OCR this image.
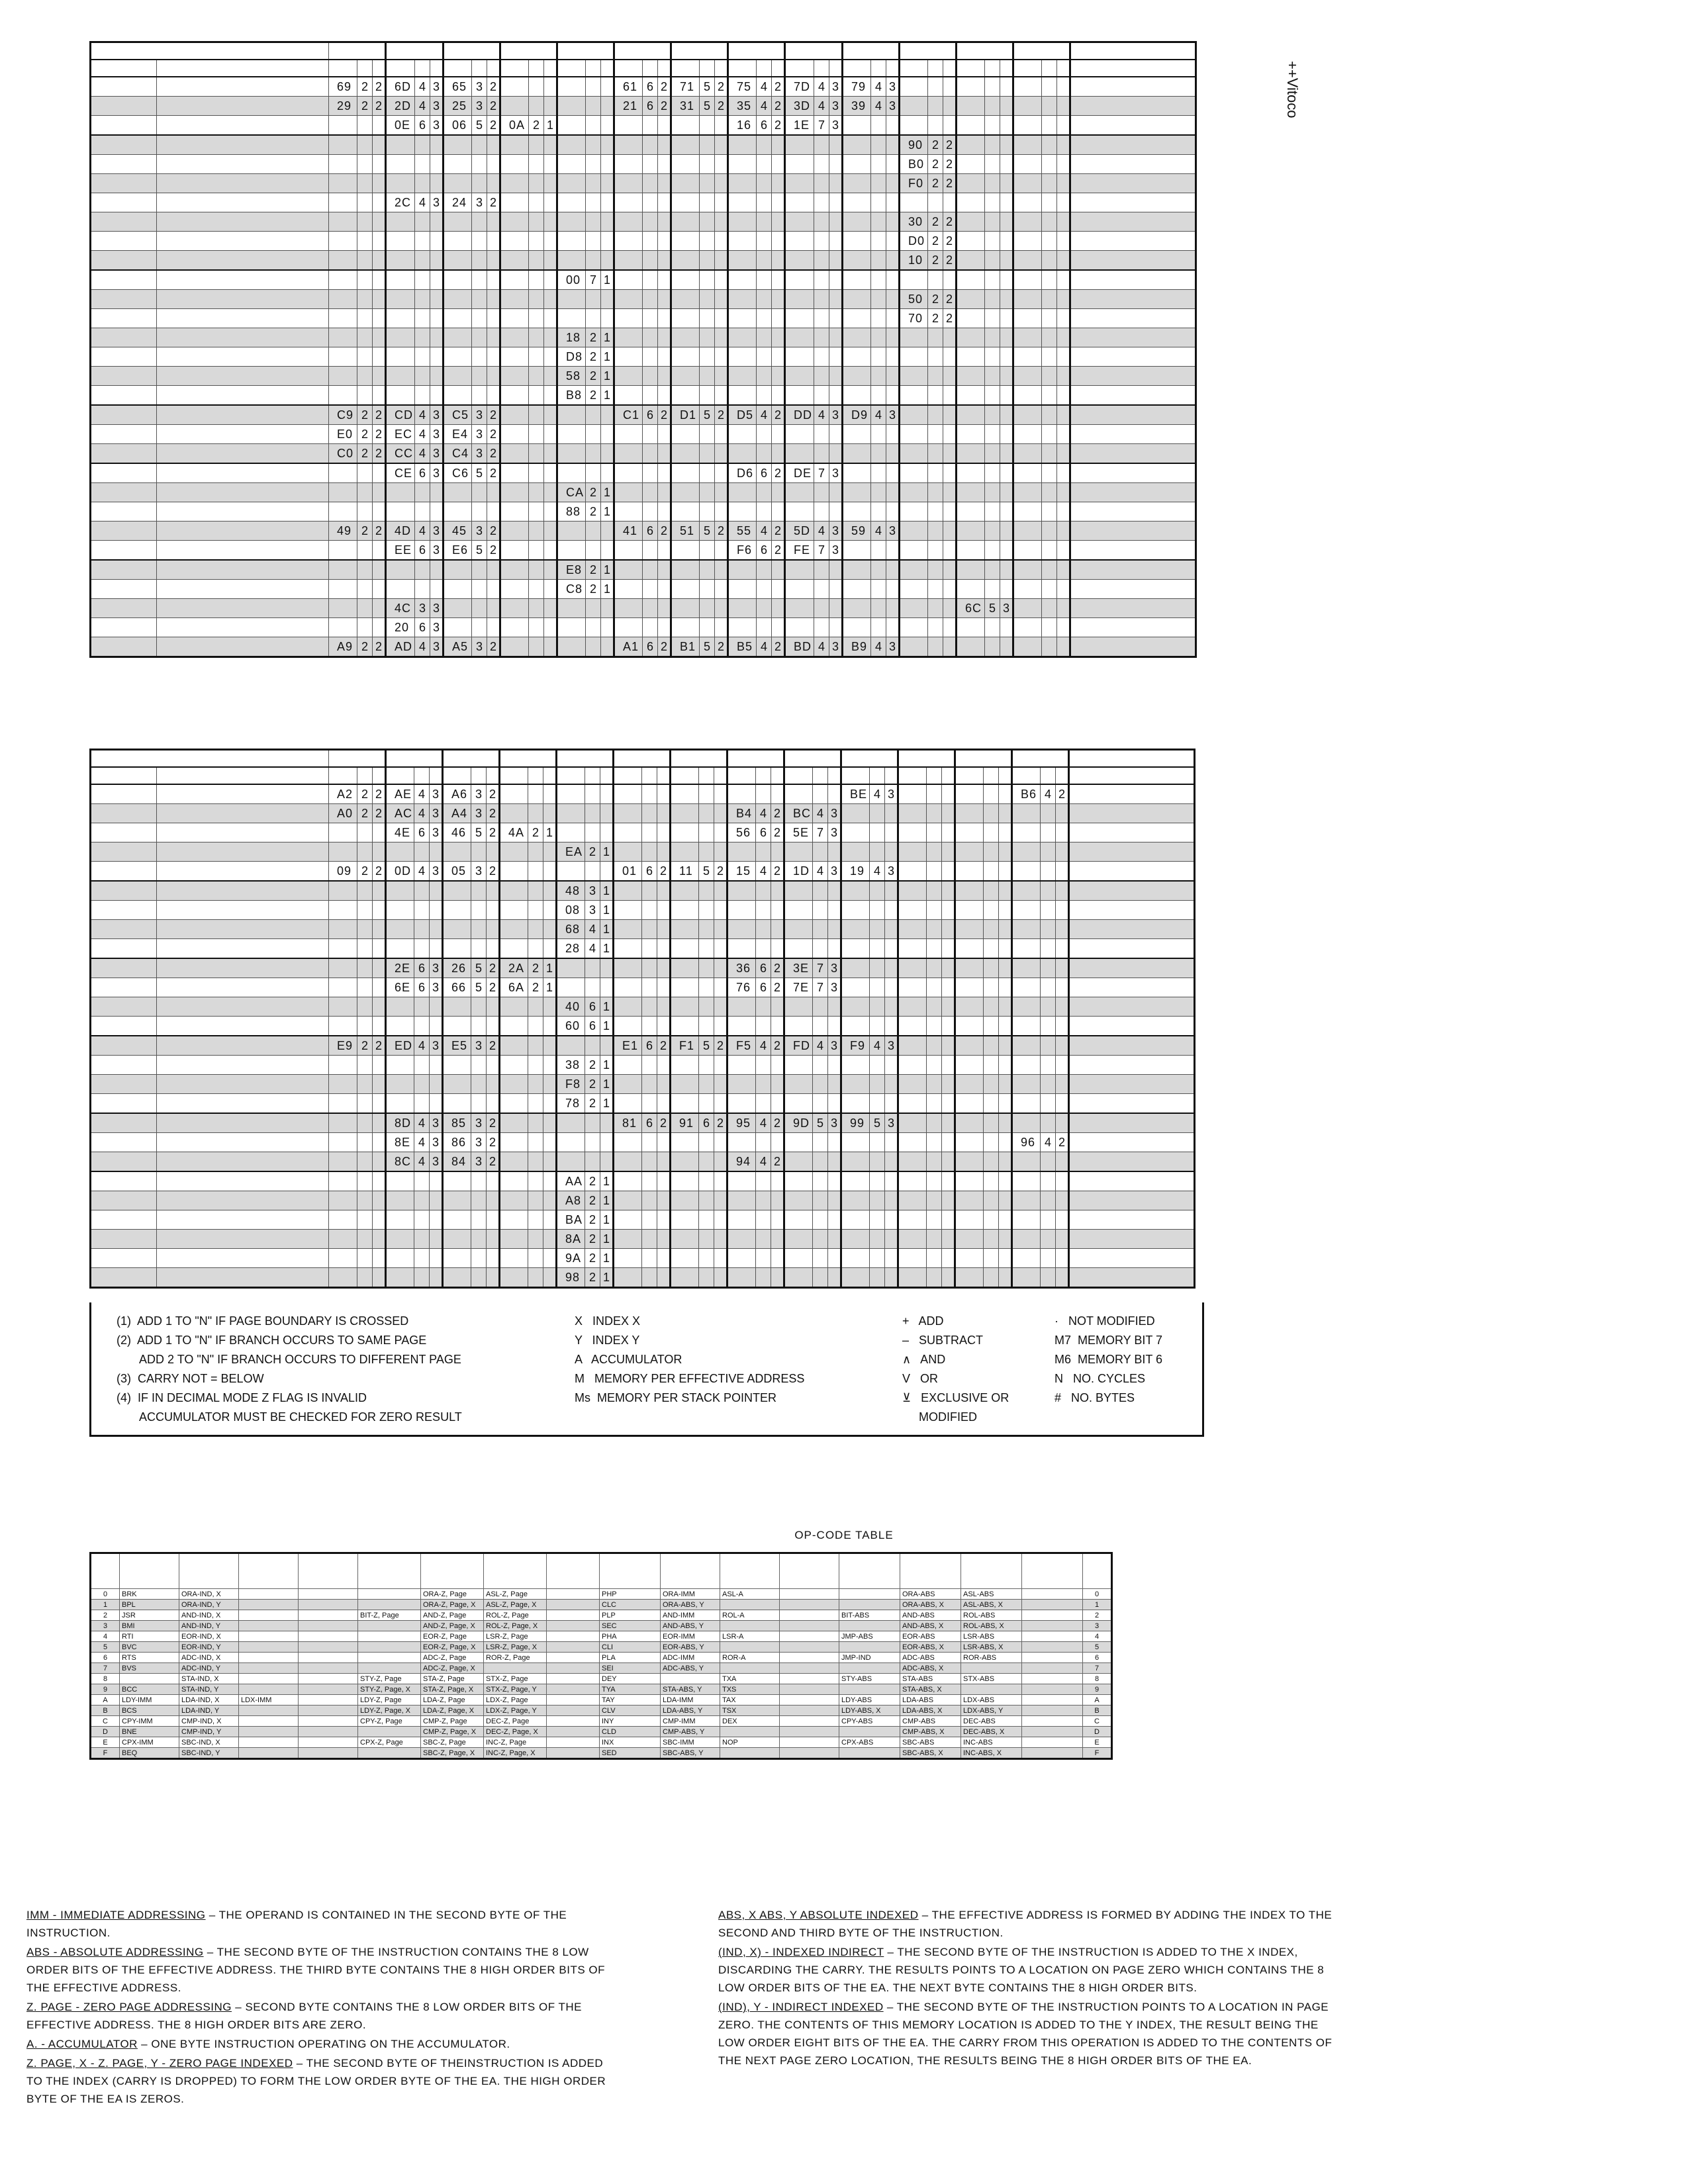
++Vitoco

	69	2	2	6D	4	3	65	3	2							61	6	2	71	5	2	75	4	2	7D	4	3	79	4	3										

	29	2	2	2D	4	3	25	3	2							21	6	2	31	5	2	35	4	2	3D	4	3	39	4	3										

				0E	6	3	06	5	2	0A	2	1										16	6	2	1E	7	3													

																															90	2	2							

																															B0	2	2							

																															F0	2	2							

				2C	4	3	24	3	2																															

																															30	2	2							

																															D0	2	2							

																															10	2	2							

													00	7	1																									

																															50	2	2							

																															70	2	2							

													18	2	1																									

													D8	2	1																									

													58	2	1																									

													B8	2	1																									

	C9	2	2	CD	4	3	C5	3	2							C1	6	2	D1	5	2	D5	4	2	DD	4	3	D9	4	3										

	E0	2	2	EC	4	3	E4	3	2																															

	C0	2	2	CC	4	3	C4	3	2																															

				CE	6	3	C6	5	2													D6	6	2	DE	7	3													

													CA	2	1																									

													88	2	1																									

	49	2	2	4D	4	3	45	3	2							41	6	2	51	5	2	55	4	2	5D	4	3	59	4	3										

				EE	6	3	E6	5	2													F6	6	2	FE	7	3													

													E8	2	1																									

													C8	2	1																									

				4C	3	3																												6C	5	3				

				20	6	3																																		

	A9	2	2	AD	4	3	A5	3	2							A1	6	2	B1	5	2	B5	4	2	BD	4	3	B9	4	3										

	A2	2	2	AE	4	3	A6	3	2																			BE	4	3							B6	4	2	

	A0	2	2	AC	4	3	A4	3	2													B4	4	2	BC	4	3													

				4E	6	3	46	5	2	4A	2	1										56	6	2	5E	7	3													

													EA	2	1																									

	09	2	2	0D	4	3	05	3	2							01	6	2	11	5	2	15	4	2	1D	4	3	19	4	3										

													48	3	1																									

													08	3	1																									

													68	4	1																									

													28	4	1																									

				2E	6	3	26	5	2	2A	2	1										36	6	2	3E	7	3													

				6E	6	3	66	5	2	6A	2	1										76	6	2	7E	7	3													

													40	6	1																									

													60	6	1																									

	E9	2	2	ED	4	3	E5	3	2							E1	6	2	F1	5	2	F5	4	2	FD	4	3	F9	4	3										

													38	2	1																									

													F8	2	1																									

													78	2	1																									

				8D	4	3	85	3	2							81	6	2	91	6	2	95	4	2	9D	5	3	99	5	3										

				8E	4	3	86	3	2																												96	4	2	

				8C	4	3	84	3	2													94	4	2																

													AA	2	1																									

													A8	2	1																									

													BA	2	1																									

													8A	2	1																									

													9A	2	1																									

													98	2	1																									
(1)  ADD 1 TO "N" IF PAGE BOUNDARY IS CROSSED
(2)  ADD 1 TO "N" IF BRANCH OCCURS TO SAME PAGE
ADD 2 TO "N" IF BRANCH OCCURS TO DIFFERENT PAGE
(3)  CARRY NOT = BELOW
(4)  IF IN DECIMAL MODE Z FLAG IS INVALID
ACCUMULATOR MUST BE CHECKED FOR ZERO RESULT
X   INDEX X
Y   INDEX Y
A   ACCUMULATOR
M   MEMORY PER EFFECTIVE ADDRESS
Ms  MEMORY PER STACK POINTER
+   ADD
–   SUBTRACT
∧   AND
V   OR
⊻   EXCLUSIVE OR
MODIFIED
·   NOT MODIFIED
M7  MEMORY BIT 7
M6  MEMORY BIT 6
N   NO. CYCLES
#   NO. BYTES
OP-CODE TABLE

0	BRK	ORA-IND, X				ORA-Z, Page	ASL-Z, Page		PHP	ORA-IMM	ASL-A			ORA-ABS	ASL-ABS		0
1	BPL	ORA-IND, Y				ORA-Z, Page, X	ASL-Z, Page, X		CLC	ORA-ABS, Y				ORA-ABS, X	ASL-ABS, X		1
2	JSR	AND-IND, X			BIT-Z, Page	AND-Z, Page	ROL-Z, Page		PLP	AND-IMM	ROL-A		BIT-ABS	AND-ABS	ROL-ABS		2
3	BMI	AND-IND, Y				AND-Z, Page, X	ROL-Z, Page, X		SEC	AND-ABS, Y				AND-ABS, X	ROL-ABS, X		3
4	RTI	EOR-IND, X				EOR-Z, Page	LSR-Z, Page		PHA	EOR-IMM	LSR-A		JMP-ABS	EOR-ABS	LSR-ABS		4
5	BVC	EOR-IND, Y				EOR-Z, Page, X	LSR-Z, Page, X		CLI	EOR-ABS, Y				EOR-ABS, X	LSR-ABS, X		5
6	RTS	ADC-IND, X				ADC-Z, Page	ROR-Z, Page		PLA	ADC-IMM	ROR-A		JMP-IND	ADC-ABS	ROR-ABS		6
7	BVS	ADC-IND, Y				ADC-Z, Page, X			SEI	ADC-ABS, Y				ADC-ABS, X			7
8		STA-IND, X			STY-Z, Page	STA-Z, Page	STX-Z, Page		DEY		TXA		STY-ABS	STA-ABS	STX-ABS		8
9	BCC	STA-IND, Y			STY-Z, Page, X	STA-Z, Page, X	STX-Z, Page, Y		TYA	STA-ABS, Y	TXS			STA-ABS, X			9
A	LDY-IMM	LDA-IND, X	LDX-IMM		LDY-Z, Page	LDA-Z, Page	LDX-Z, Page		TAY	LDA-IMM	TAX		LDY-ABS	LDA-ABS	LDX-ABS		A
B	BCS	LDA-IND, Y			LDY-Z, Page, X	LDA-Z, Page, X	LDX-Z, Page, Y		CLV	LDA-ABS, Y	TSX		LDY-ABS, X	LDA-ABS, X	LDX-ABS, Y		B
C	CPY-IMM	CMP-IND, X			CPY-Z, Page	CMP-Z, Page	DEC-Z, Page		INY	CMP-IMM	DEX		CPY-ABS	CMP-ABS	DEC-ABS		C
D	BNE	CMP-IND, Y				CMP-Z, Page, X	DEC-Z, Page, X		CLD	CMP-ABS, Y				CMP-ABS, X	DEC-ABS, X		D
E	CPX-IMM	SBC-IND, X			CPX-Z, Page	SBC-Z, Page	INC-Z, Page		INX	SBC-IMM	NOP		CPX-ABS	SBC-ABS	INC-ABS		E
F	BEQ	SBC-IND, Y				SBC-Z, Page, X	INC-Z, Page, X		SED	SBC-ABS, Y				SBC-ABS, X	INC-ABS, X		F

IMM - IMMEDIATE ADDRESSING – THE OPERAND IS CONTAINED IN THE SECOND BYTE OF THE INSTRUCTION.

ABS - ABSOLUTE ADDRESSING – THE SECOND BYTE OF THE INSTRUCTION CONTAINS THE 8 LOW ORDER BITS OF THE EFFECTIVE ADDRESS. THE THIRD BYTE CONTAINS THE 8 HIGH ORDER BITS OF THE EFFECTIVE ADDRESS.

Z. PAGE - ZERO PAGE ADDRESSING – SECOND BYTE CONTAINS THE 8 LOW ORDER BITS OF THE EFFECTIVE ADDRESS. THE 8 HIGH ORDER BITS ARE ZERO.

A. - ACCUMULATOR – ONE BYTE INSTRUCTION OPERATING ON THE ACCUMULATOR.

Z. PAGE, X - Z. PAGE, Y - ZERO PAGE INDEXED – THE SECOND BYTE OF THEINSTRUCTION IS ADDED TO THE INDEX (CARRY IS DROPPED) TO FORM THE LOW ORDER BYTE OF THE EA. THE HIGH ORDER BYTE OF THE EA IS ZEROS.

ABS, X ABS, Y ABSOLUTE INDEXED – THE EFFECTIVE ADDRESS IS FORMED BY ADDING THE INDEX TO THE SECOND AND THIRD BYTE OF THE INSTRUCTION.

(IND, X) - INDEXED INDIRECT – THE SECOND BYTE OF THE INSTRUCTION IS ADDED TO THE X INDEX, DISCARDING THE CARRY. THE RESULTS POINTS TO A LOCATION ON PAGE ZERO WHICH CONTAINS THE 8 LOW ORDER BITS OF THE EA. THE NEXT BYTE CONTAINS THE 8 HIGH ORDER BITS.

(IND), Y - INDIRECT INDEXED – THE SECOND BYTE OF THE INSTRUCTION POINTS TO A LOCATION IN PAGE ZERO. THE CONTENTS OF THIS MEMORY LOCATION IS ADDED TO THE Y INDEX, THE RESULT BEING THE LOW ORDER EIGHT BITS OF THE EA. THE CARRY FROM THIS OPERATION IS ADDED TO THE CONTENTS OF THE NEXT PAGE ZERO LOCATION, THE RESULTS BEING THE 8 HIGH ORDER BITS OF THE EA.
